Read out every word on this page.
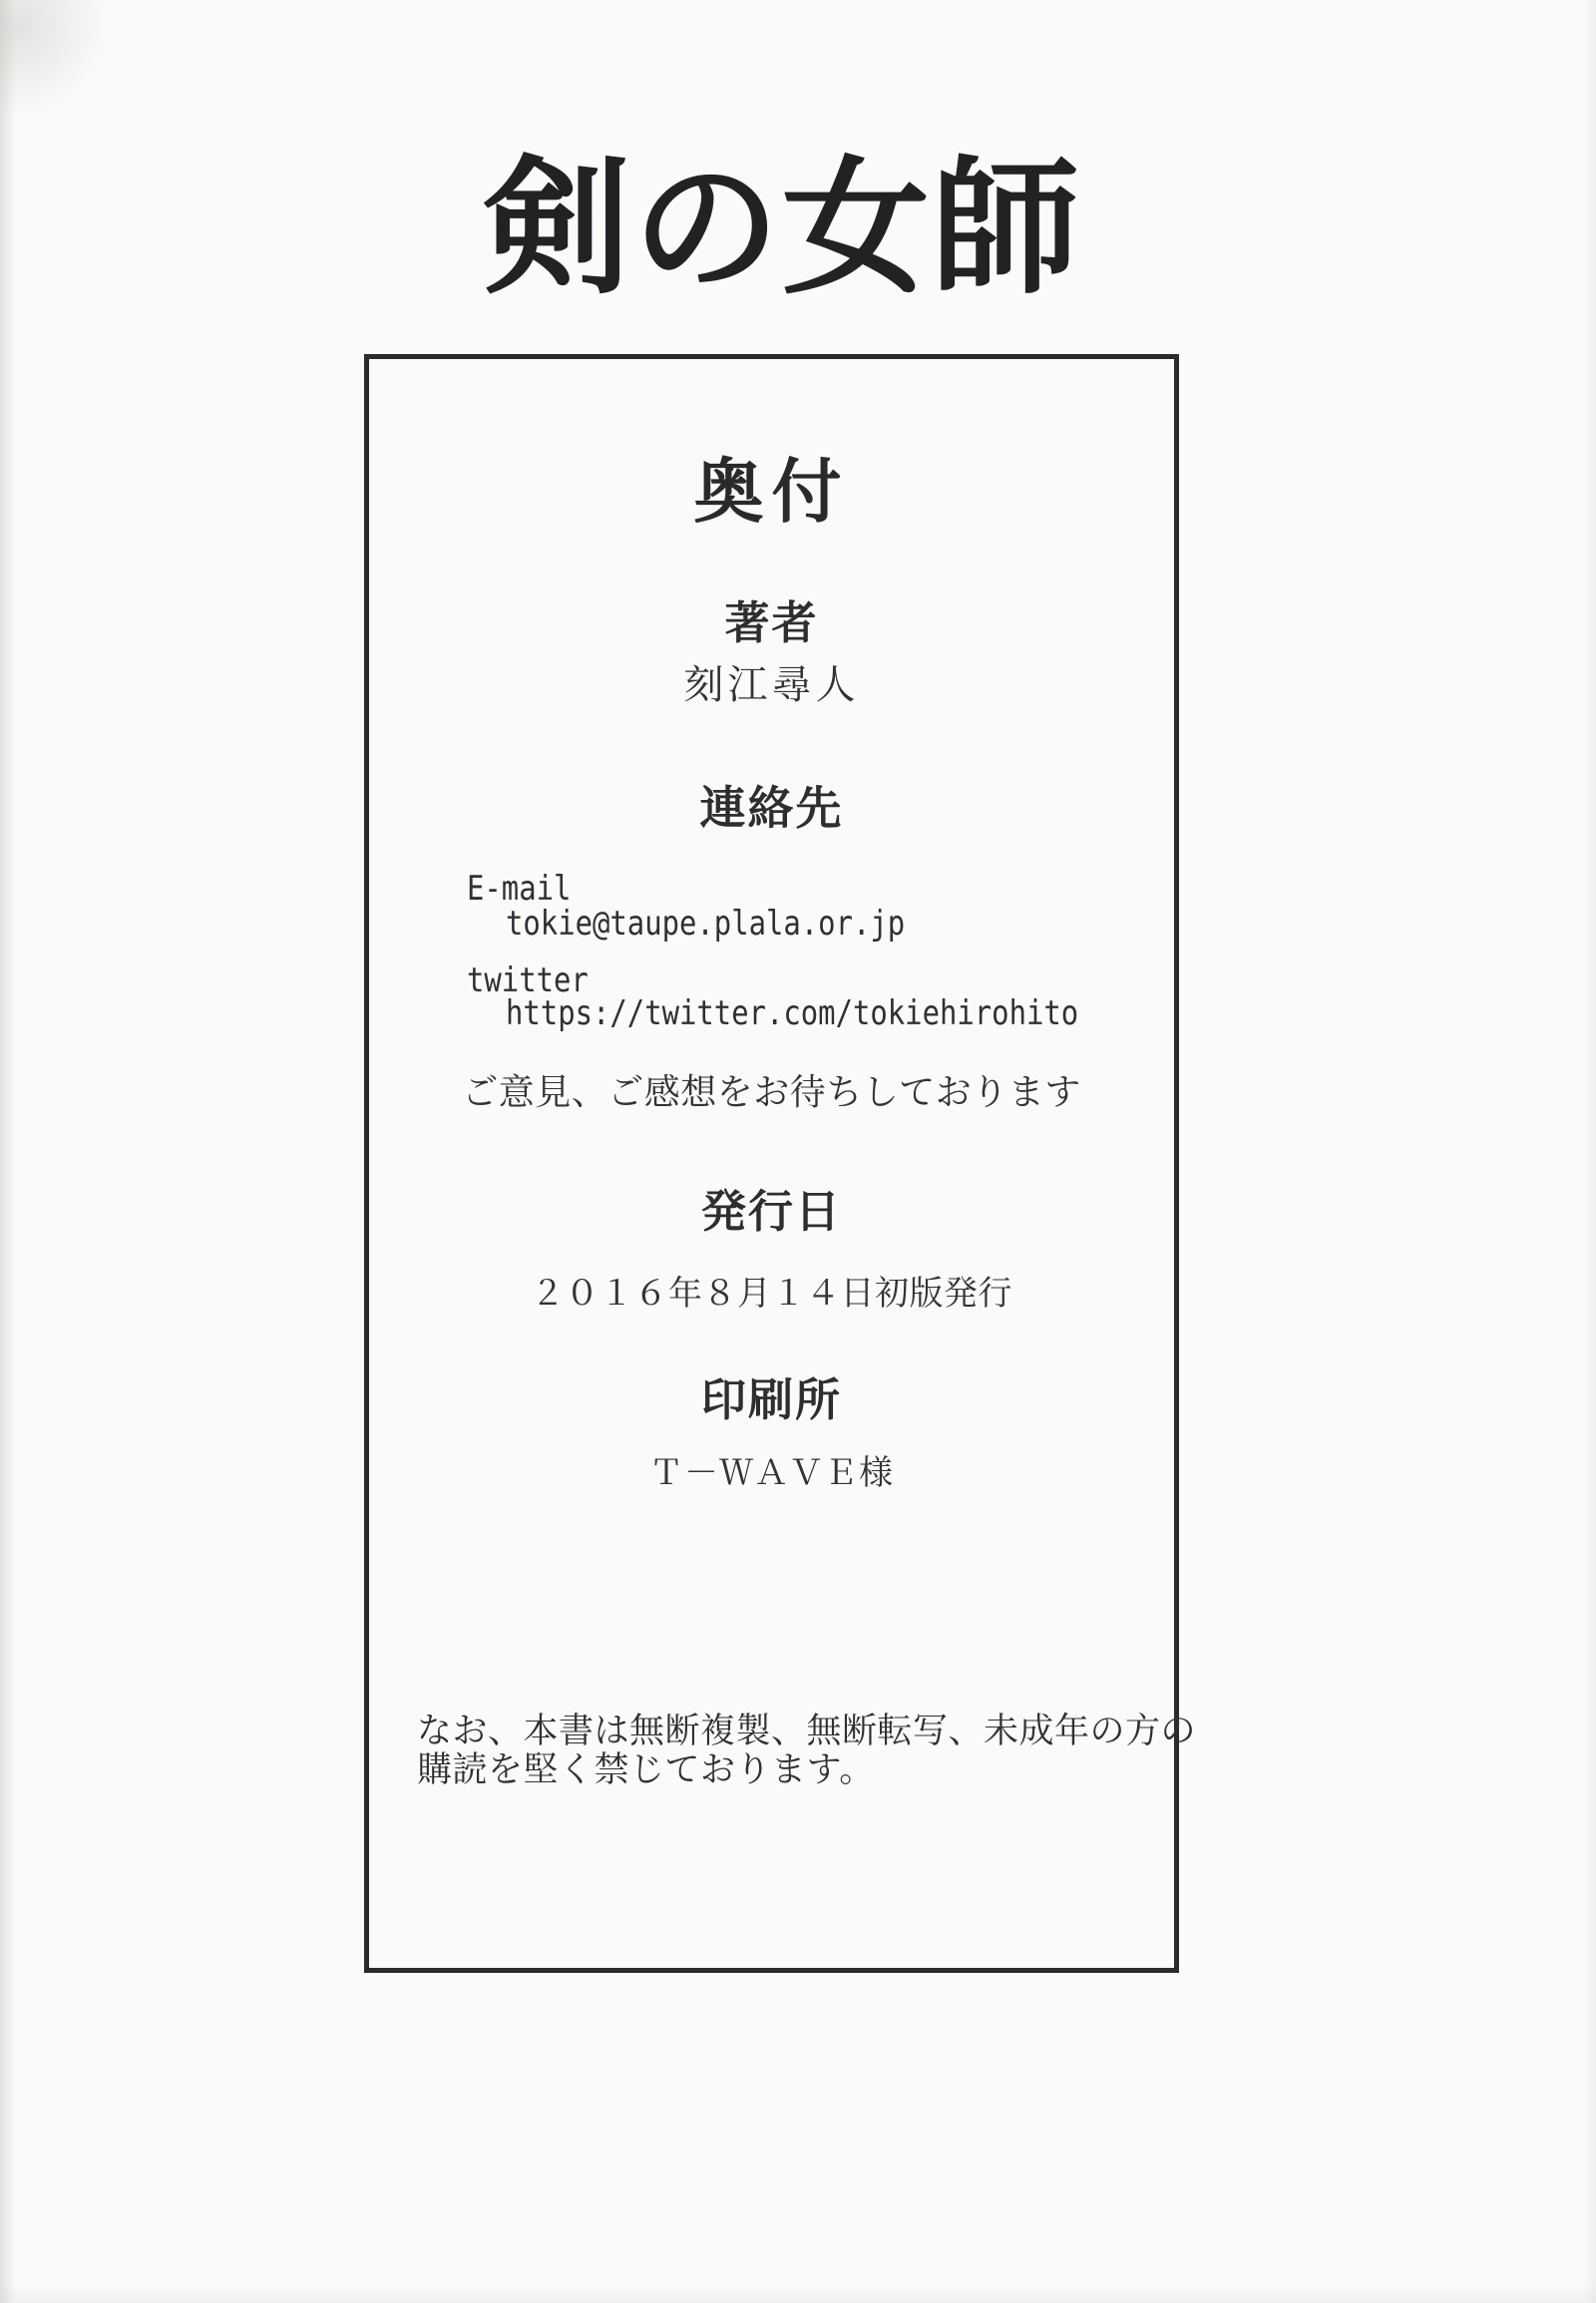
剣の女師
奥付
著者
刻江尋人
連絡先
E-mail
tokie@taupe.plala.or.jp
twitter
https://twitter.com/tokiehirohito
ご意見、ご感想をお待ちしております
発行日
２０１６年８月１４日初版発行
印刷所
Ｔ－ＷＡＶＥ様
なお、本書は無断複製、無断転写、未成年の方の
購読を堅く禁じております。
